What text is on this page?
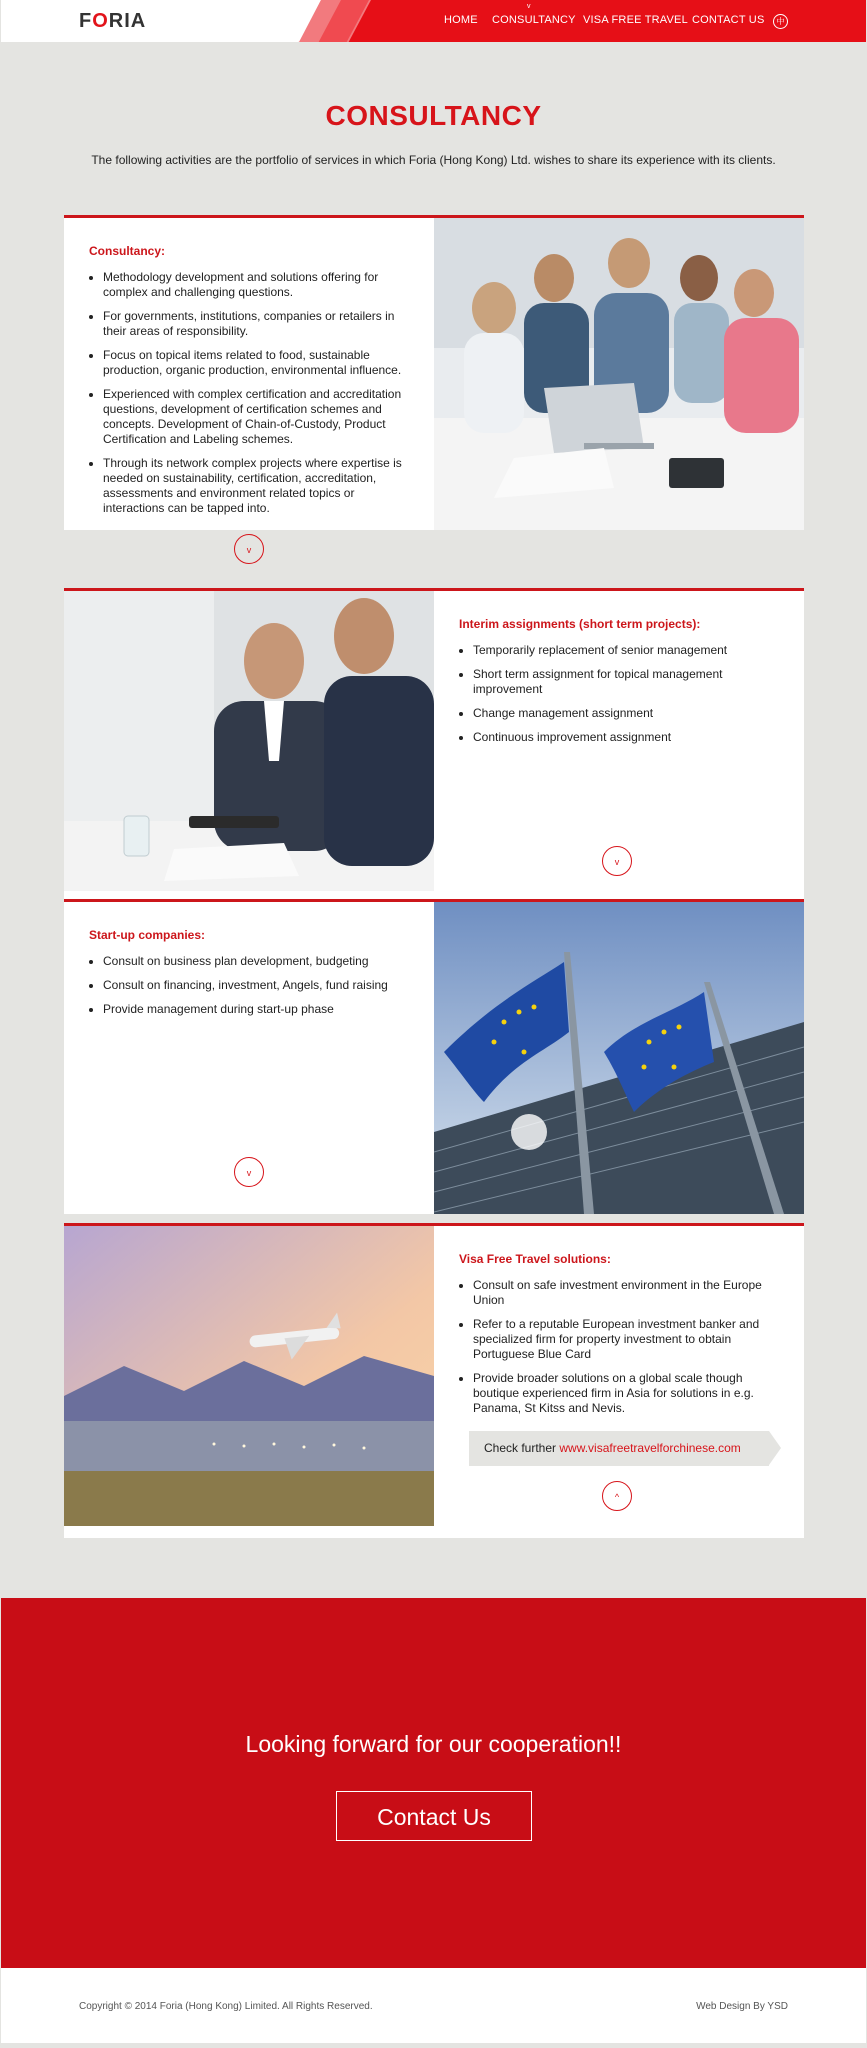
FORIA
v
HOME CONSULTANCY VISA FREE TRAVEL CONTACT US	中
CONSULTANCY
The following activities are the portfolio of services in which Foria (Hong Kong) Ltd. wishes to share its experience with its clients.
Consultancy:
• Methodology development and solutions offering for complex and challenging questions.
• For governments, institutions, companies or retailers in their areas of responsibility.
• Focus on topical items related to food, sustainable production, organic production, environmental influence.
• Experienced with complex certification and accreditation questions, development of certification schemes and concepts. Development of Chain-of-Custody, Product Certification and Labeling schemes.
• Through its network complex projects where expertise is needed on sustainability, certification, accreditation, assessments and environment related topics or interactions can be tapped into.
v
Interim assignments (short term projects):
• Temporarily replacement of senior management
• Short term assignment for topical management improvement
• Change management assignment
• Continuous improvement assignment
v
Start-up companies:
• Consult on business plan development, budgeting
• Consult on financing, investment, Angels, fund raising
• Provide management during start-up phase
v
Visa Free Travel solutions:
• Consult on safe investment environment in the Europe Union
• Refer to a reputable European investment banker and specialized firm for property investment to obtain Portuguese Blue Card
• Provide broader solutions on a global scale though boutique experienced firm in Asia for solutions in e.g. Panama, St Kitss and Nevis.
Check further www.visafreetravelforchinese.com
^
Looking forward for our cooperation!!
Contact Us
Copyright © 2014 Foria (Hong Kong) Limited. All Rights Reserved.	Web Design By YSD
